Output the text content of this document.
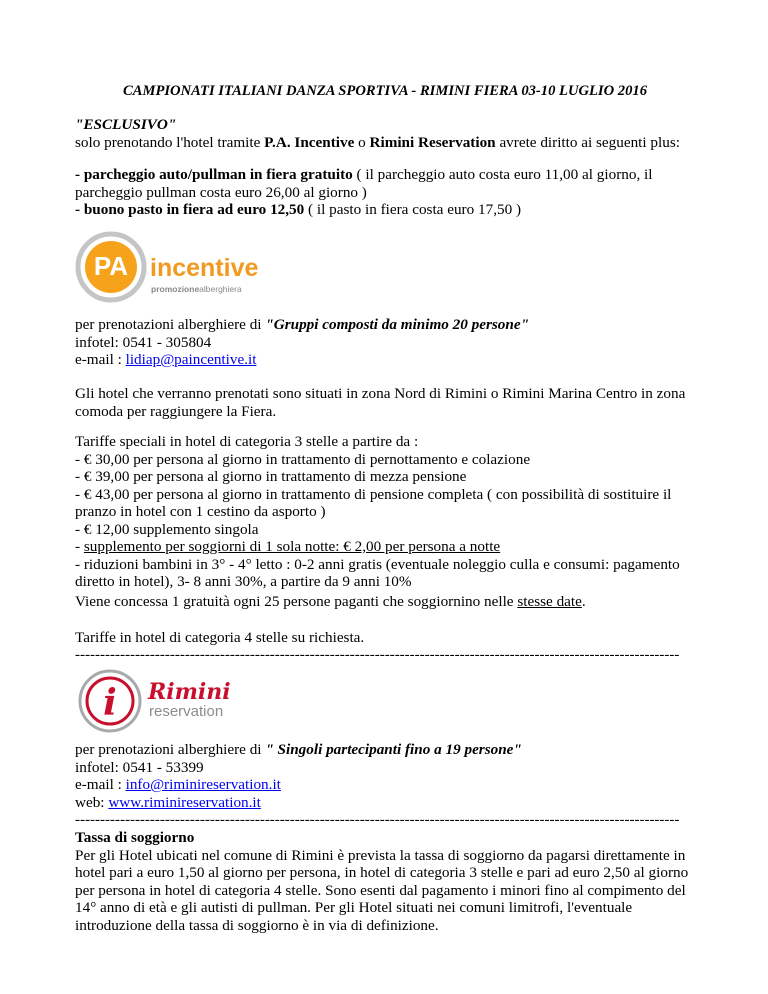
CAMPIONATI ITALIANI DANZA SPORTIVA - RIMINI FIERA 03-10 LUGLIO 2016

"ESCLUSIVO"

solo prenotando l'hotel tramite P.A. Incentive o Rimini Reservation avrete diritto ai seguenti plus:

- parcheggio auto/pullman in fiera gratuito ( il parcheggio auto costa euro 11,00 al giorno, il parcheggio pullman costa euro 26,00 al giorno )

- buono pasto in fiera ad euro 12,50 ( il pasto in fiera costa euro 17,50 )

PA incentive
promozionealberghiera

per prenotazioni alberghiere di "Gruppi composti da minimo 20 persone"

infotel: 0541 - 305804

e-mail : lidiap@paincentive.it

Gli hotel che verranno prenotati sono situati in zona Nord di Rimini o Rimini Marina Centro in zona comoda per raggiungere la Fiera.

Tariffe speciali in hotel di categoria 3 stelle a partire da :

- € 30,00 per persona al giorno in trattamento di pernottamento e colazione

- € 39,00 per persona al giorno in trattamento di mezza pensione

- € 43,00 per persona al giorno in trattamento di pensione completa ( con possibilità di sostituire il pranzo in hotel con 1 cestino da asporto )

- € 12,00 supplemento singola

- supplemento per soggiorni di 1 sola notte: € 2,00 per persona a notte

- riduzioni bambini in 3° - 4° letto : 0-2 anni gratis (eventuale noleggio culla e consumi: pagamento diretto in hotel), 3- 8 anni 30%, a partire da 9 anni 10%

Viene concessa 1 gratuità ogni 25 persone paganti che soggiornino nelle stesse date.
Tariffe in hotel di categoria 4 stelle su richiesta.
-------------------------------------------------------------------------------------------------------------------------
i Rimini
reservation

per prenotazioni alberghiere di " Singoli partecipanti fino a 19 persone"

infotel: 0541 - 53399

e-mail : info@riminireservation.it

web: www.riminireservation.it

-------------------------------------------------------------------------------------------------------------------------

Tassa di soggiorno

Per gli Hotel ubicati nel comune di Rimini è prevista la tassa di soggiorno da pagarsi direttamente in hotel pari a euro 1,50 al giorno per persona, in hotel di categoria 3 stelle e pari ad euro 2,50 al giorno per persona in hotel di categoria 4 stelle. Sono esenti dal pagamento i minori fino al compimento del 14° anno di età e gli autisti di pullman. Per gli Hotel situati nei comuni limitrofi, l'eventuale introduzione della tassa di soggiorno è in via di definizione.
